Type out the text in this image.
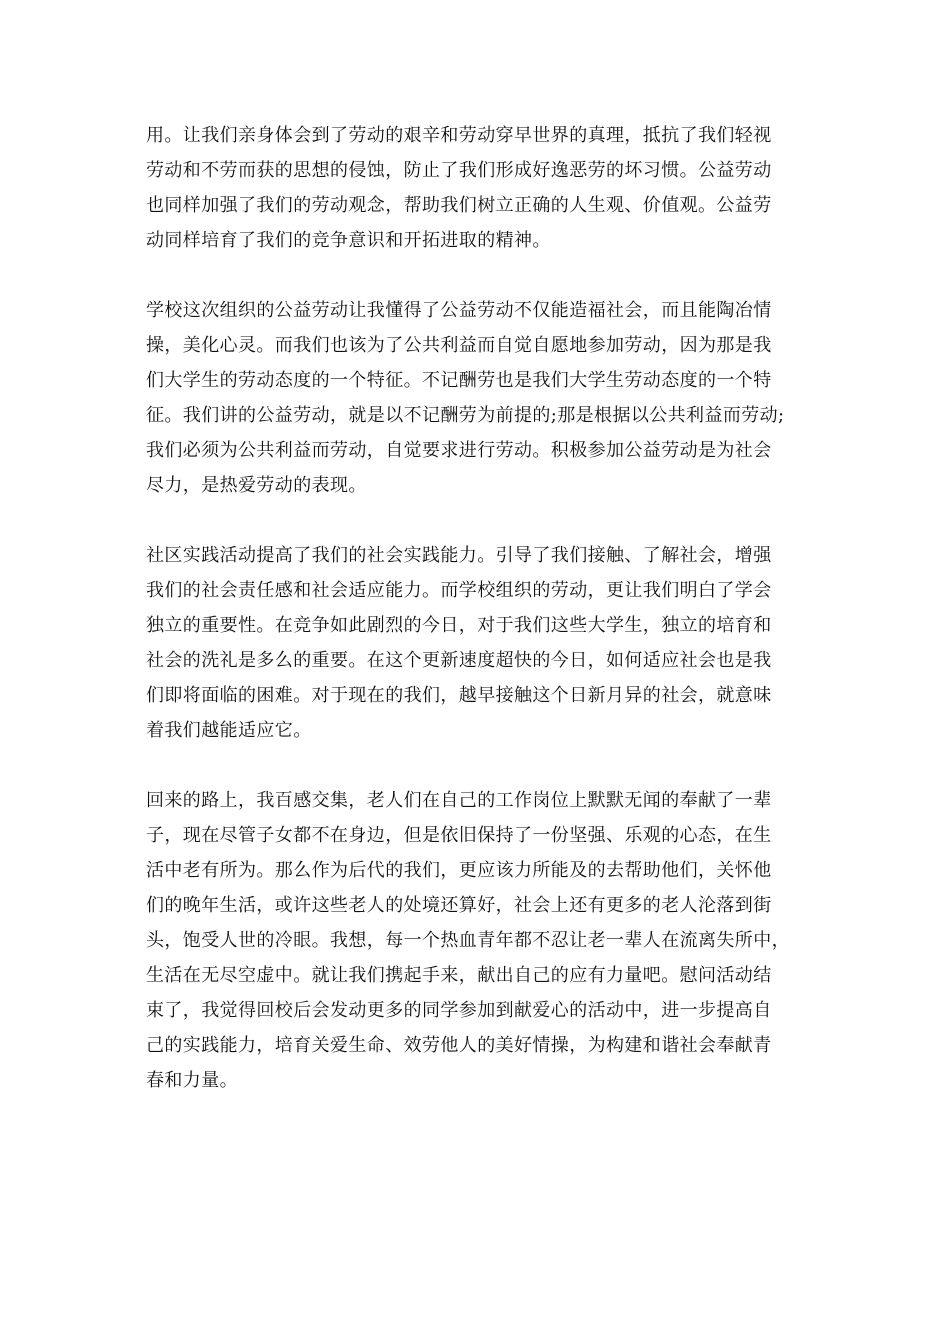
用。让我们亲身体会到了劳动的艰辛和劳动穿早世界的真理，抵抗了我们轻视
劳动和不劳而获的思想的侵蚀，防止了我们形成好逸恶劳的坏习惯。公益劳动
也同样加强了我们的劳动观念，帮助我们树立正确的人生观、价值观。公益劳
动同样培育了我们的竞争意识和开拓进取的精神。
学校这次组织的公益劳动让我懂得了公益劳动不仅能造福社会，而且能陶冶情
操，美化心灵。而我们也该为了公共利益而自觉自愿地参加劳动，因为那是我
们大学生的劳动态度的一个特征。不记酬劳也是我们大学生劳动态度的一个特
征。我们讲的公益劳动，就是以不记酬劳为前提的;那是根据以公共利益而劳动;
我们必须为公共利益而劳动，自觉要求进行劳动。积极参加公益劳动是为社会
尽力，是热爱劳动的表现。
社区实践活动提高了我们的社会实践能力。引导了我们接触、了解社会，增强
我们的社会责任感和社会适应能力。而学校组织的劳动，更让我们明白了学会
独立的重要性。在竞争如此剧烈的今日，对于我们这些大学生，独立的培育和
社会的洗礼是多么的重要。在这个更新速度超快的今日，如何适应社会也是我
们即将面临的困难。对于现在的我们，越早接触这个日新月异的社会，就意味
着我们越能适应它。
回来的路上，我百感交集，老人们在自己的工作岗位上默默无闻的奉献了一辈
子，现在尽管子女都不在身边，但是依旧保持了一份坚强、乐观的心态，在生
活中老有所为。那么作为后代的我们，更应该力所能及的去帮助他们，关怀他
们的晚年生活，或许这些老人的处境还算好，社会上还有更多的老人沦落到街
头，饱受人世的冷眼。我想，每一个热血青年都不忍让老一辈人在流离失所中，
生活在无尽空虚中。就让我们携起手来，献出自己的应有力量吧。慰问活动结
束了，我觉得回校后会发动更多的同学参加到献爱心的活动中，进一步提高自
己的实践能力，培育关爱生命、效劳他人的美好情操，为构建和谐社会奉献青
春和力量。
